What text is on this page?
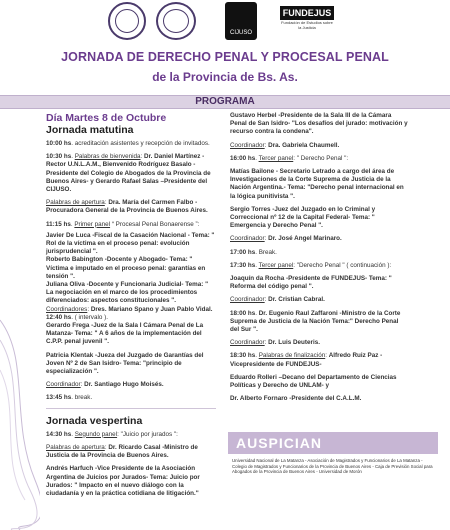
CIJUSO
FUNDEJUS
Fundación de Estudios sobre la Justicia
JORNADA DE DERECHO PENAL Y PROCESAL PENAL
de la Provincia de Bs. As.
PROGRAMA
Día Martes 8 de Octubre
Jornada matutina
10:00 hs. acreditación asistentes y recepción de invitados.
10:30 hs. Palabras de bienvenida: Dr. Daniel Martínez - Rector U.N.L.A.M., Bienvenido Rodríguez Basalo - Presidente del Colegio de Abogados de la Provincia de Buenos Aires- y Gerardo Rafael Salas –Presidente del CIJUSO.
Palabras de apertura: Dra. María del Carmen Falbo - Procuradora General de la Provincia de Buenos Aires.
11:15 hs. Primer panel “ Procesal Penal Bonaerense ”:
Javier De Luca -Fiscal de la Casación Nacional - Tema: " Rol de la víctima en el proceso penal: evolución jurisprudencial ".
Roberto Babington -Docente y Abogado- Tema: " Víctima e imputado en el proceso penal: garantías en tensión ".
Juliana Oliva -Docente y Funcionaria Judicial- Tema: " La negociación en el marco de los procedimientos diferenciados: aspectos constitucionales ".
Coordinadores: Dres. Mariano Spano y Juan Pablo Vidal.
12:40 hs. ( intervalo ).
Gerardo Frega -Juez de la Sala I Cámara Penal de La Matanza- Tema: " A 6 años de la implementación del C.P.P. penal juvenil ".
Patricia Klentak -Jueza del Juzgado de Garantías del Joven Nº 2 de San Isidro- Tema: "principio de especialización ".
Coordinador: Dr. Santiago Hugo Moisés.
13:45 hs. break.
Jornada vespertina
14:30 hs. Segundo panel: "Juicio por jurados ":
Palabras de apertura: Dr. Ricardo Casal -Ministro de Justicia de la Provincia de Buenos Aires.
Andrés Harfuch -Vice Presidente de la Asociación Argentina de Juicios por Jurados- Tema: Juicio por Jurados: " Impacto en el nuevo diálogo con la ciudadanía y en la práctica cotidiana de litigación."
Gustavo Herbel -Presidente de la Sala III de la Cámara Penal de San Isidro- "Los desafíos del jurado: motivación y recurso contra la condena".
Coordinador: Dra. Gabriela Chaumell.
16:00 hs. Tercer panel: " Derecho Penal ":
Matías Bailone - Secretario Letrado a cargo del área de Investigaciones de la Corte Suprema de Justicia de la Nación Argentina.- Tema: "Derecho penal internacional en la lógica punitivista ".
Sergio Torres -Juez del Juzgado en lo Criminal y Correccional nº 12 de la Capital Federal- Tema: " Emergencia y Derecho Penal ".
Coordinador: Dr. José Angel Marinaro.
17:00 hs. Break.
17:30 hs. Tercer panel: "Derecho Penal " ( continuación ):
Joaquín da Rocha -Presidente de FUNDEJUS- Tema: " Reforma del código penal ".
Coordinador: Dr. Cristian Cabral.
18:00 hs. Dr. Eugenio Raul Zaffaroni -Ministro de la Corte Suprema de Justicia de la Nación Tema:" Derecho Penal del Sur ".
Coordinador: Dr. Luis Deuteris.
18:30 hs. Palabras de finalización: Alfredo Ruiz Paz - Vicepresidente de FUNDEJUS-
Eduardo Rolleri –Decano del Departamento de Ciencias Políticas y Derecho de UNLAM- y
Dr. Alberto Fornaro -Presidente del C.A.L.M.
AUSPICIAN
Universidad Nacional de La Matanza - Asociación de Magistrados y Funcionarios de La Matanza - Colegio de Magistrados y Funcionarios de la Provincia de Buenos Aires - Caja de Previsión Social para Abogados de la Provincia de Buenos Aires - Universidad de Morón
